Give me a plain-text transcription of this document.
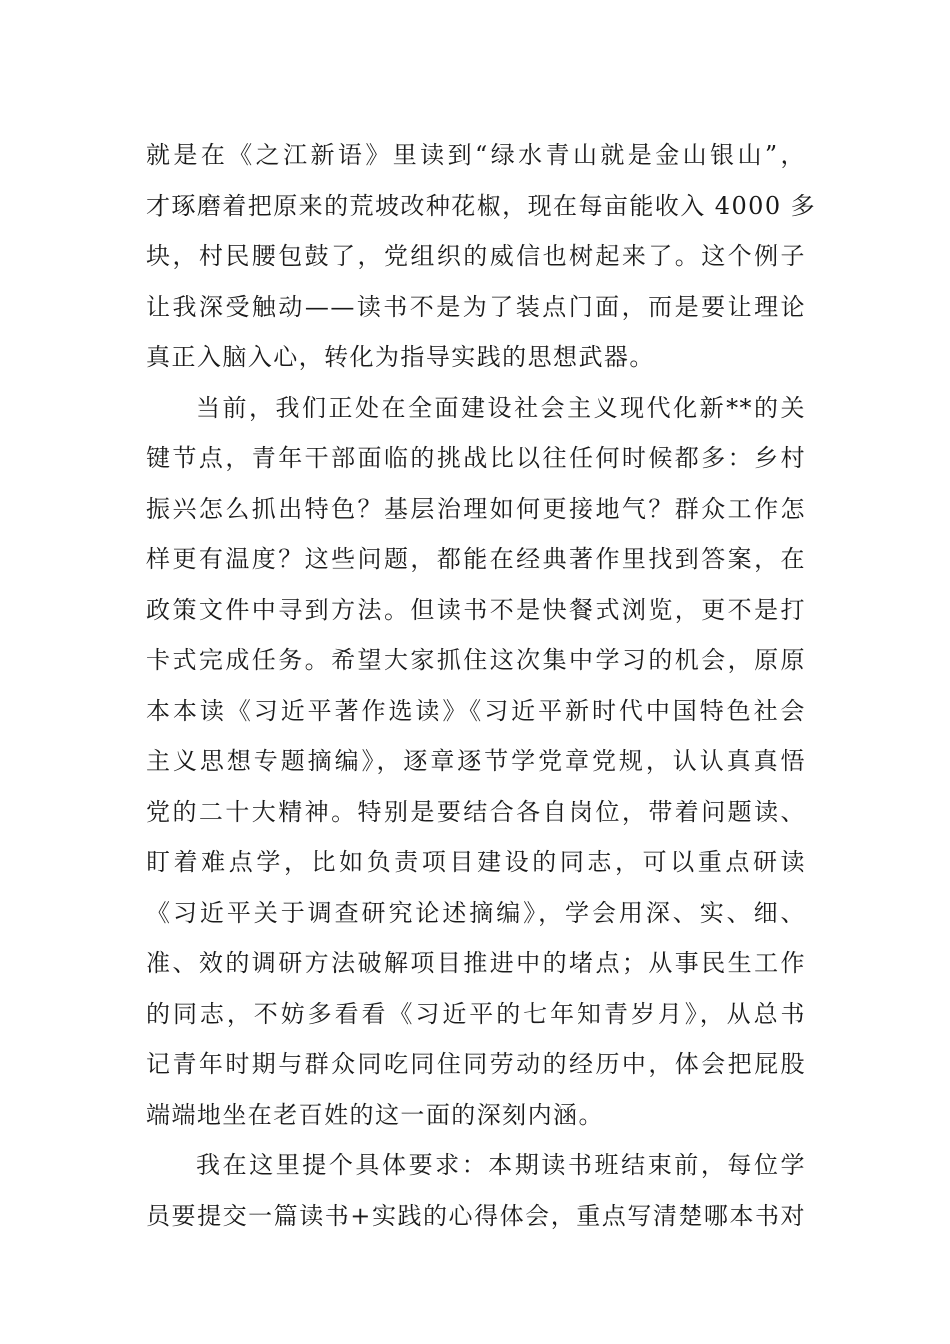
就是在《之江新语》里读到“绿水青山就是金山银山”，
才琢磨着把原来的荒坡改种花椒，现在每亩能收入 4000 多
块，村民腰包鼓了，党组织的威信也树起来了。这个例子
让我深受触动——读书不是为了装点门面，而是要让理论
真正入脑入心，转化为指导实践的思想武器。
当前，我们正处在全面建设社会主义现代化新**的关
键节点，青年干部面临的挑战比以往任何时候都多：乡村
振兴怎么抓出特色？基层治理如何更接地气？群众工作怎
样更有温度？这些问题，都能在经典著作里找到答案，在
政策文件中寻到方法。但读书不是快餐式浏览，更不是打
卡式完成任务。希望大家抓住这次集中学习的机会，原原
本本读《习近平著作选读》《习近平新时代中国特色社会
主义思想专题摘编》，逐章逐节学党章党规，认认真真悟
党的二十大精神。特别是要结合各自岗位，带着问题读、
盯着难点学，比如负责项目建设的同志，可以重点研读
《习近平关于调查研究论述摘编》，学会用深、实、细、
准、效的调研方法破解项目推进中的堵点；从事民生工作
的同志，不妨多看看《习近平的七年知青岁月》，从总书
记青年时期与群众同吃同住同劳动的经历中，体会把屁股
端端地坐在老百姓的这一面的深刻内涵。
我在这里提个具体要求：本期读书班结束前，每位学
员要提交一篇读书+实践的心得体会，重点写清楚哪本书对
